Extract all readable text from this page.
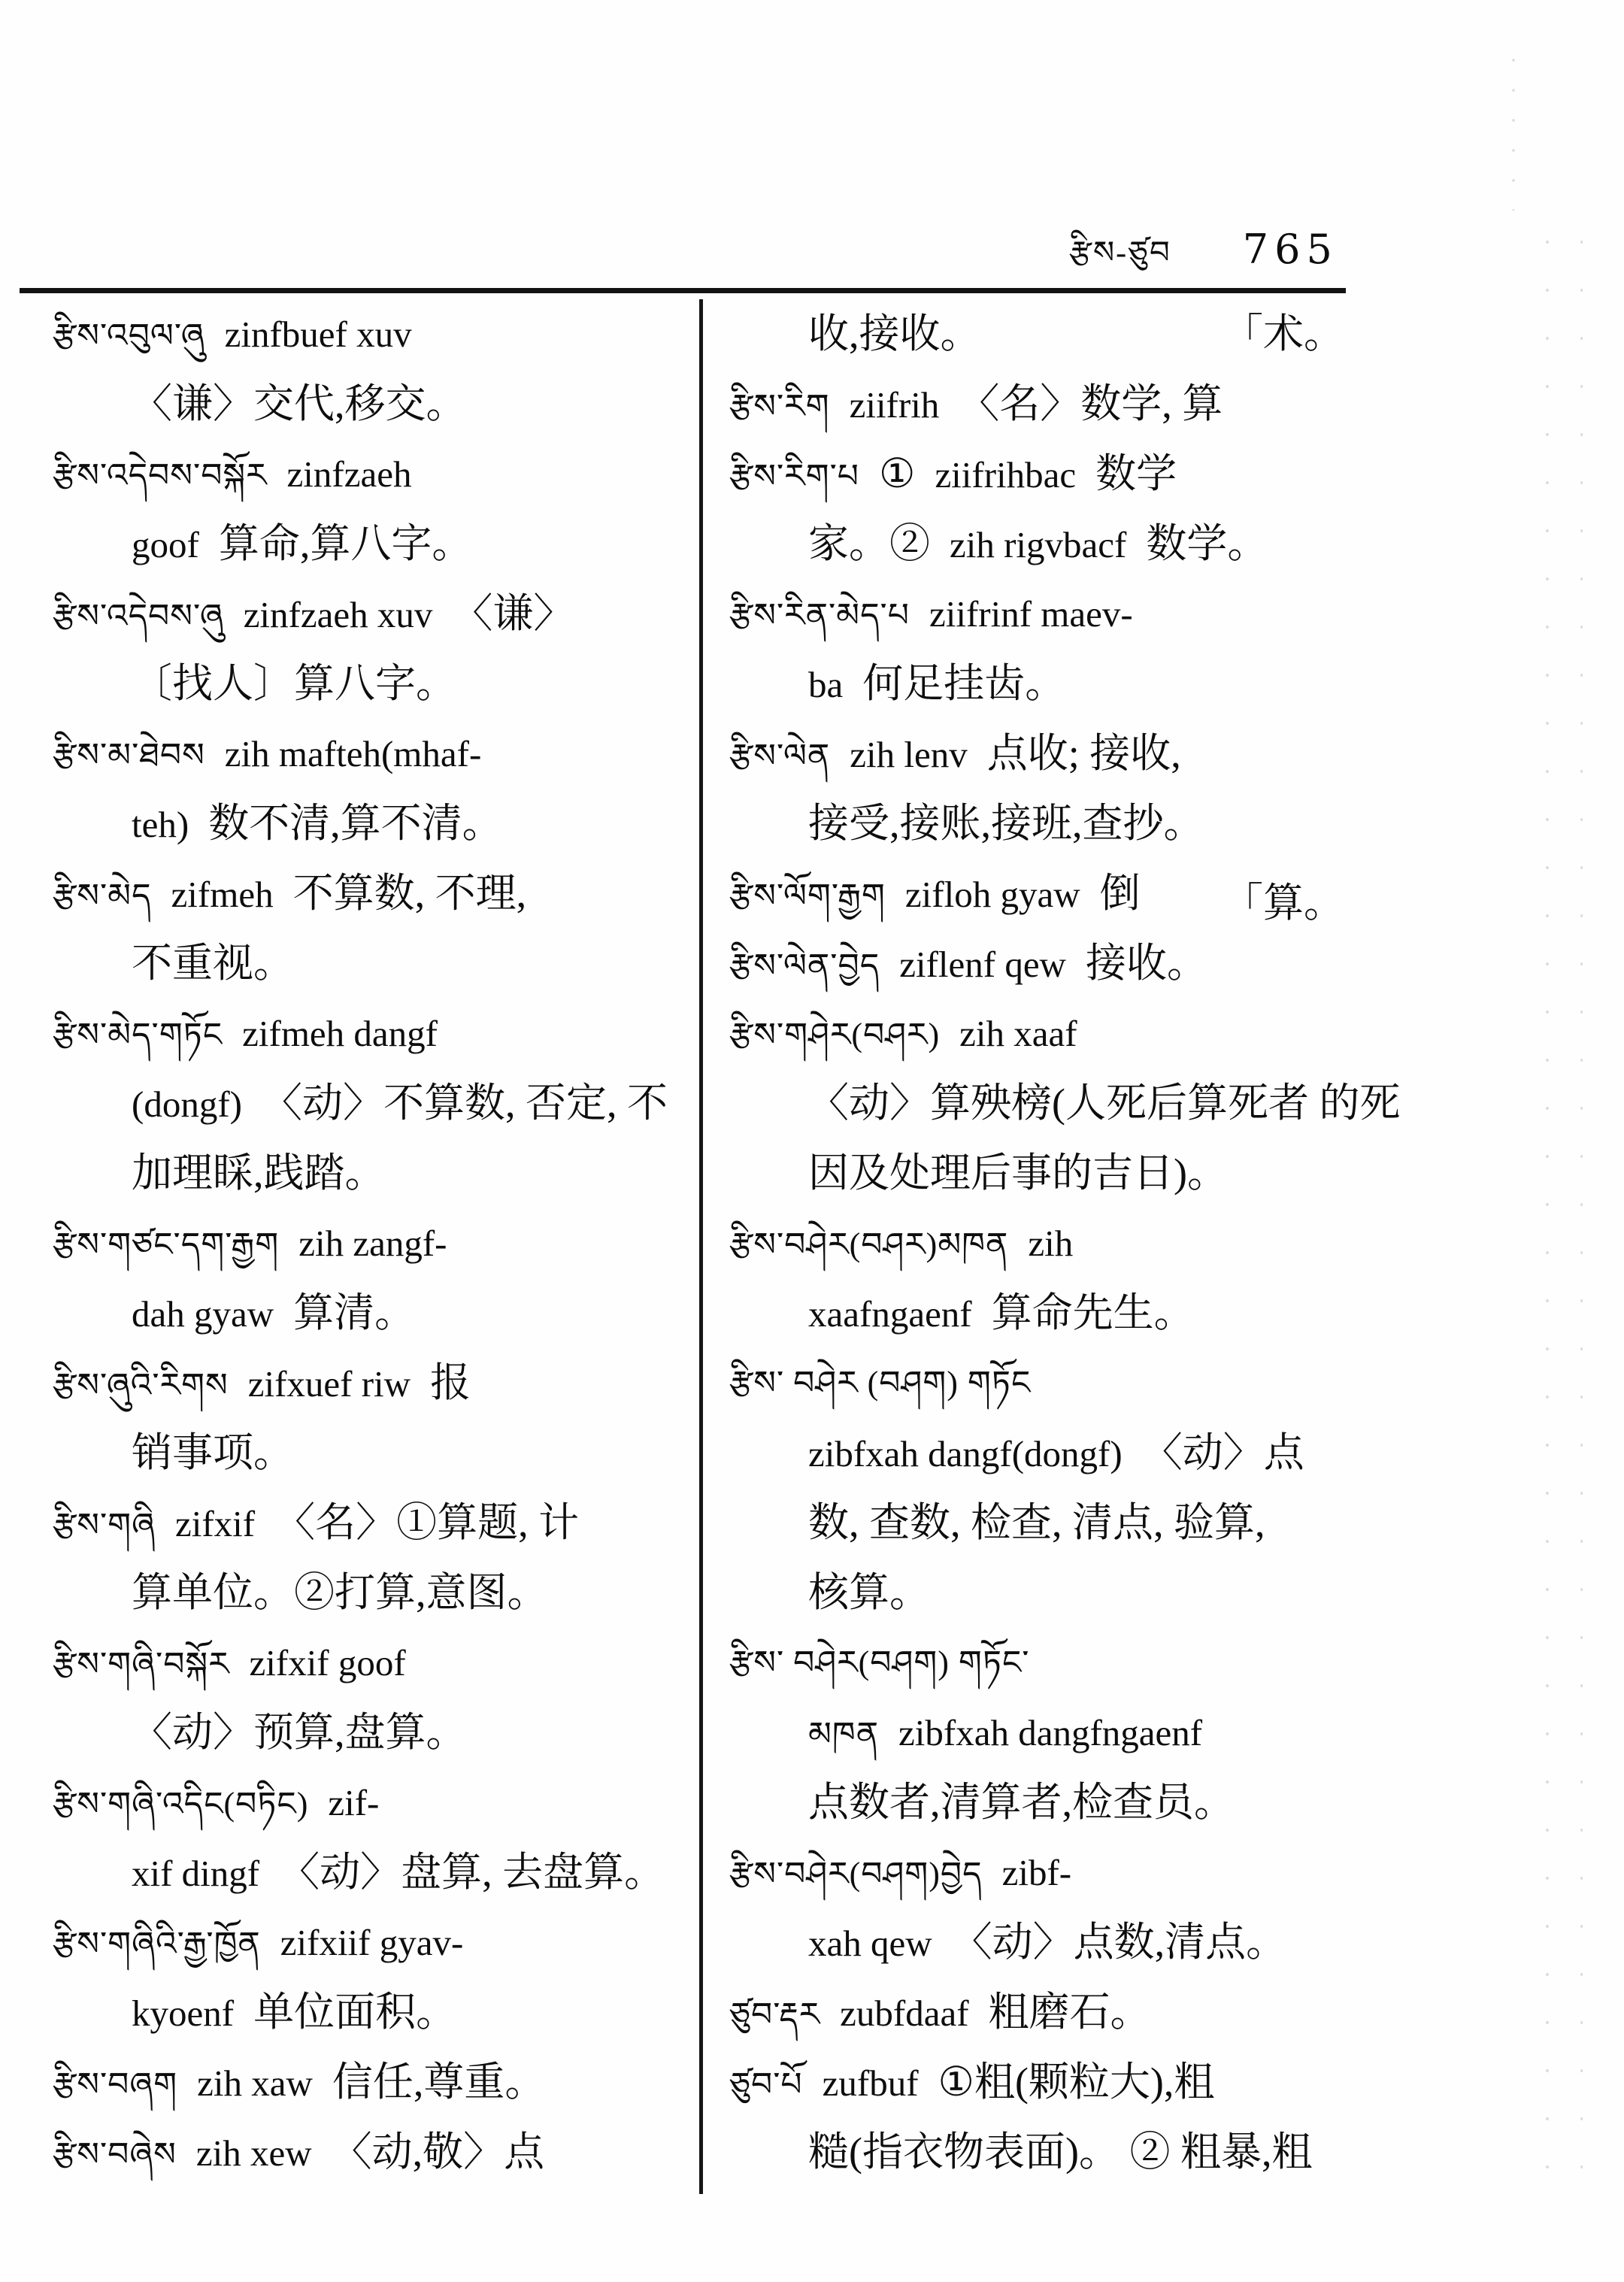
རྩིས-ཙུབ 765
རྩིས་འབུལ་ཞུ zinfbuef xuv
〈谦〉交代,移交。
རྩིས་འདེབས་བསྐོར zinfzaeh
goof 算命,算八字。
རྩིས་འདེབས་ཞུ zinfzaeh xuv 〈谦〉
〔找人〕算八字。
རྩིས་མ་ཐེབས zih mafteh(mhaf-
teh) 数不清,算不清。
རྩིས་མེད zifmeh 不算数, 不理,
不重视。
རྩིས་མེད་གཏོང zifmeh dangf
(dongf) 〈动〉不算数, 否定, 不
加理睬,践踏。
རྩིས་གཙང་དག་རྒྱག zih zangf-
dah gyaw 算清。
རྩིས་ཞུའི་རིགས zifxuef riw 报
销事项。
རྩིས་གཞི zifxif 〈名〉①算题, 计
算单位。②打算,意图。
རྩིས་གཞི་བསྐོར zifxif goof
〈动〉预算,盘算。
རྩིས་གཞི་འདིང(བཏིང) zif-
xif dingf 〈动〉盘算, 去盘算。
རྩིས་གཞིའི་རྒྱ་ཁྱོན zifxiif gyav-
kyoenf 单位面积。
རྩིས་བཞག zih xaw 信任,尊重。
རྩིས་བཞེས zih xew 〈动,敬〉点
收,接收。	「术。
རྩིས་རིག ziifrih 〈名〉数学, 算
རྩིས་རིག་པ ① ziifrihbac 数学
家。② zih rigvbacf 数学。
རྩིས་རིན་མེད་པ ziifrinf maev-
ba 何足挂齿。
རྩིས་ལེན zih lenv 点收; 接收,
接受,接账,接班,查抄。
「算。
རྩིས་ལོག་རྒྱག zifloh gyaw 倒
རྩིས་ལེན་བྱེད ziflenf qew 接收。
རྩིས་གཤེར(བཤར) zih xaaf
〈动〉算殃榜(人死后算死者 的死
因及处理后事的吉日)。
རྩིས་བཤེར(བཤར)མཁན zih
xaafngaenf 算命先生。
རྩིས་ བཤེར (བཤག) གཏོང
zibfxah dangf(dongf) 〈动〉点
数, 查数, 检查, 清点, 验算,
核算。
རྩིས་ བཤེར(བཤག) གཏོང་
མཁན zibfxah dangfngaenf
点数者,清算者,检查员。
རྩིས་བཤེར(བཤག)བྱེད zibf-
xah qew 〈动〉点数,清点。
ཙུབ་རྡར zubfdaaf 粗磨石。
ཙུབ་པོ zufbuf ①粗(颗粒大),粗
糙(指衣物表面)。 ② 粗暴,粗
